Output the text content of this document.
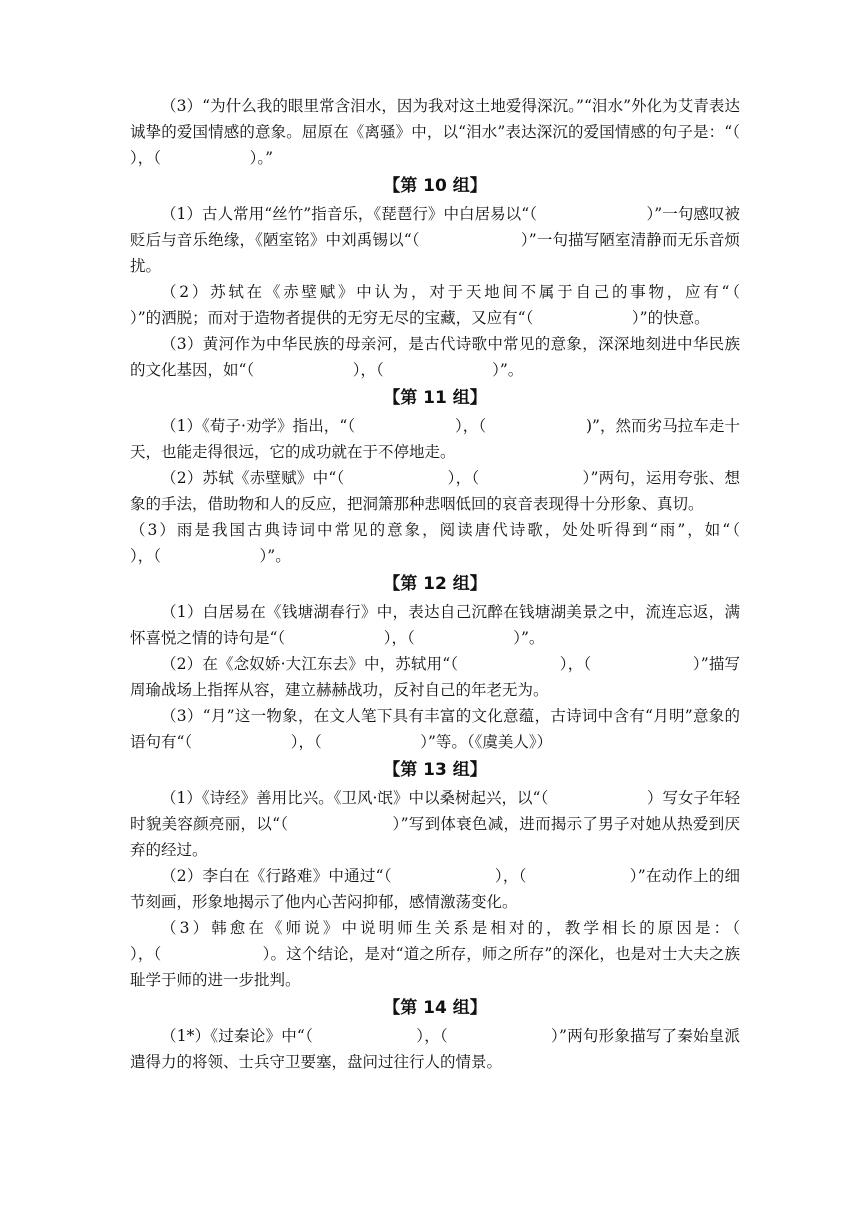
（3）“为什么我的眼里常含泪水，因为我对这土地爱得深沉。”“泪水”外化为艾青表达诚挚的爱国情感的意象。屈原在《离骚》中，以“泪水”表达深沉的爱国情感的句子是：“（                  ），（                  ）。”

【第 10 组】

（1）古人常用“丝竹”指音乐，《琵琶行》中白居易以“（                      ）”一句感叹被贬后与音乐绝缘，《陋室铭》中刘禹锡以“（                    ）”一句描写陋室清静而无乐音烦扰。

（2）苏轼在《赤壁赋》中认为，对于天地间不属于自己的事物，应有“（                    ）”的洒脱；而对于造物者提供的无穷无尽的宝藏，又应有“（                    ）”的快意。

（3）黄河作为中华民族的母亲河，是古代诗歌中常见的意象，深深地刻进中华民族的文化基因，如“（                    ），（                      ）”。

【第 11 组】

（1）《荀子·劝学》指出，“（                    ），（                    )”，然而劣马拉车走十天，也能走得很远，它的成功就在于不停地走。

（2）苏轼《赤壁赋》中“（                    ），（                    ）”两句，运用夸张、想象的手法，借助物和人的反应，把洞箫那种悲咽低回的哀音表现得十分形象、真切。

（3）雨是我国古典诗词中常见的意象，阅读唐代诗歌，处处听得到“雨”，如“（                    ），（                    ）”。

【第 12 组】

（1）白居易在《钱塘湖春行》中，表达自己沉醉在钱塘湖美景之中，流连忘返，满怀喜悦之情的诗句是“（                    ），（                    ）”。

（2）在《念奴娇·大江东去》中，苏轼用“（                    ），（                    ）”描写周瑜战场上指挥从容，建立赫赫战功，反衬自己的年老无为。

（3）“月”这一物象，在文人笔下具有丰富的文化意蕴，古诗词中含有“月明”意象的语句有“（                    ），（                    ）”等。（《虞美人》）

【第 13 组】

（1）《诗经》善用比兴。《卫风·氓》中以桑树起兴，以“（                    ）写女子年轻时貌美容颜亮丽，以“（                    ）”写到体衰色减，进而揭示了男子对她从热爱到厌弃的经过。

（2）李白在《行路难》中通过“（                    ），（                    ）”在动作上的细节刻画，形象地揭示了他内心苦闷抑郁，感情激荡变化。

（3）韩愈在《师说》中说明师生关系是相对的，教学相长的原因是：（                    ），（                    ）。这个结论，是对“道之所存，师之所存”的深化，也是对士大夫之族耻学于师的进一步批判。

【第 14 组】

（1*）《过秦论》中“（                    ），（                    ）”两句形象描写了秦始皇派遣得力的将领、士兵守卫要塞，盘问过往行人的情景。
